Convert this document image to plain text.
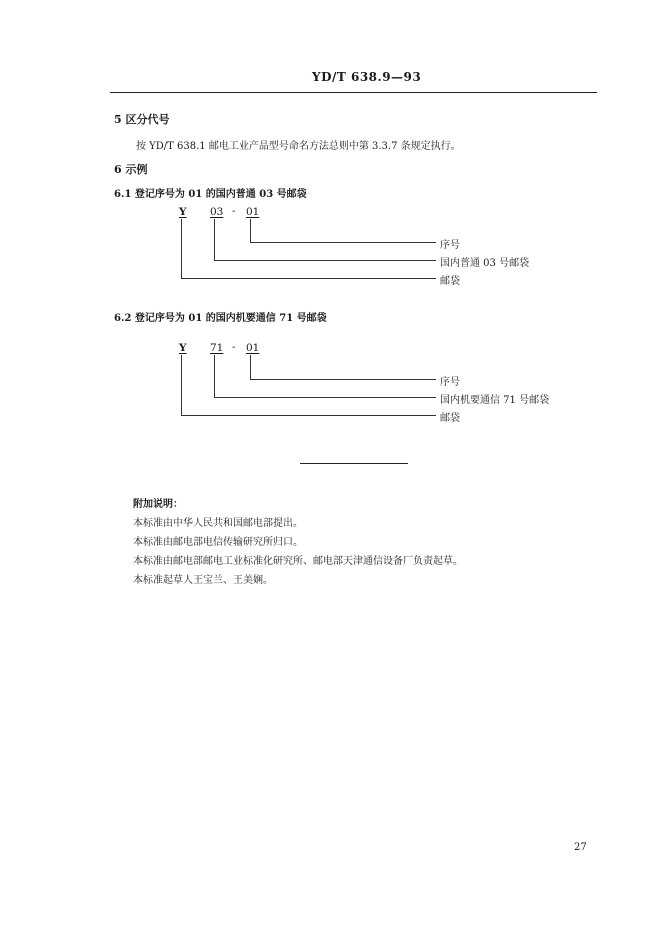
YD/T 638.9—93
5 区分代号
按 YD/T 638.1 邮电工业产品型号命名方法总则中第 3.3.7 条规定执行。
6 示例
6.1 登记序号为 01 的国内普通 03 号邮袋
Y 03 - 01
序号
国内普通 03 号邮袋
邮袋
6.2 登记序号为 01 的国内机要通信 71 号邮袋
Y 71 - 01
序号
国内机要通信 71 号邮袋
邮袋
附加说明：
本标准由中华人民共和国邮电部提出。
本标准由邮电部电信传输研究所归口。
本标准由邮电部邮电工业标准化研究所、邮电部天津通信设备厂负责起草。
本标准起草人王宝兰、王美娴。
27
